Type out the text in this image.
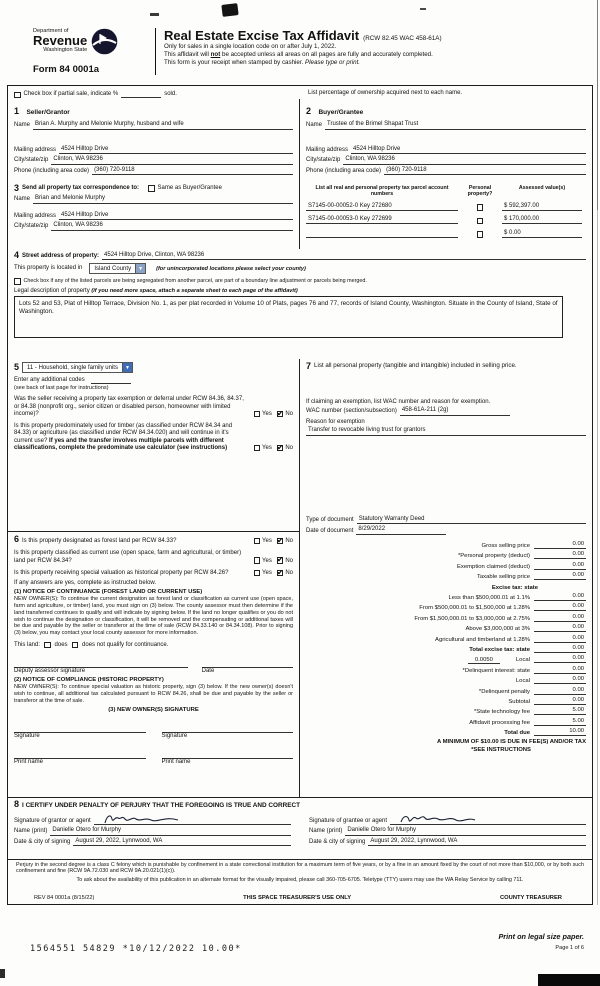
Department of
Revenue
Washington State
Form 84 0001a
Real Estate Excise Tax Affidavit (RCW 82.45 WAC 458-61A)
Only for sales in a single location code on or after July 1, 2022.
This affidavit will not be accepted unless all areas on all pages are fully and accurately completed.
This form is your receipt when stamped by cashier. Please type or print.
Check box if partial sale, indicate %	sold.	List percentage of ownership acquired next to each name.
1 Seller/Grantor
Name Brian A. Murphy and Melonie Murphy, husband and wife
Mailing address 4524 Hilltop Drive
City/state/zip Clinton, WA 98236
Phone (including area code) (360) 720-9118
2 Buyer/Grantee
Name Trustee of the Brimel Shapat Trust
Mailing address 4524 Hilltop Drive
City/state/zip Clinton, WA 98236
Phone (including area code) (360) 720-9118
3 Send all property tax correspondence to:	Same as Buyer/Grantee
Name Brian and Melonie Murphy
Mailing address 4524 Hilltop Drive
City/state/zip Clinton, WA 98236
List all real and personal property tax parcel account numbers
Personal property?
Assessed value(s)
S7145-00-00052-0 Key 272680	$ 592,397.00
S7145-00-00053-0 Key 272699	$ 170,000.00
$ 0.00
4 Street address of property: 4524 Hilltop Drive, Clinton, WA 98236
This property is located in	Island County	▼	(for unincorporated locations please select your county)
Check box if any of the listed parcels are being segregated from another parcel, are part of a boundary line adjustment or parcels being merged.
Legal description of property (if you need more space, attach a separate sheet to each page of the affidavit)
Lots 52 and 53, Plat of Hilltop Terrace, Division No. 1, as per plat recorded in Volume 10 of Plats, pages 76 and 77, records of Island County, Washington. Situate in the County of Island, State of Washington.
5	11 - Household, single family units	▼
Enter any additional codes
(see back of last page for instructions)
Was the seller receiving a property tax exemption or deferral under RCW 84.36, 84.37, or 84.38 (nonprofit org., senior citizen or disabled person, homeowner with limited income)?	Yes ✔ No
Is this property predominately used for timber (as classified under RCW 84.34 and 84.33) or agriculture (as classified under RCW 84.34.020) and will continue in it's current use? If yes and the transfer involves multiple parcels with different classifications, complete the predominate use calculator (see instructions)	Yes ✔ No
6 Is this property designated as forest land per RCW 84.33?	Yes ✔ No
Is this property classified as current use (open space, farm and agricultural, or timber) land per RCW 84.34?	Yes ✔ No
Is this property receiving special valuation as historical property per RCW 84.26?	Yes ✔ No
If any answers are yes, complete as instructed below.
(1) NOTICE OF CONTINUANCE (FOREST LAND OR CURRENT USE)
NEW OWNER(S): To continue the current designation as forest land or classification as current use (open space, farm and agriculture, or timber) land, you must sign on (3) below. The county assessor must then determine if the land transferred continues to qualify and will indicate by signing below. If the land no longer qualifies or you do not wish to continue the designation or classification, it will be removed and the compensating or additional taxes will be due and payable by the seller or transferor at the time of sale (RCW 84.33.140 or 84.34.108). Prior to signing (3) below, you may contact your local county assessor for more information.
This land: does does not qualify for continuance.
Deputy assessor signature	Date
(2) NOTICE OF COMPLIANCE (HISTORIC PROPERTY)
NEW OWNER(S): To continue special valuation as historic property, sign (3) below. If the new owner(s) doesn't wish to continue, all additional tax calculated pursuant to RCW 84.26, shall be due and payable by the seller or transferor at the time of sale.
(3) NEW OWNER(S) SIGNATURE
Signature	Signature
Print name	Print name
7 List all personal property (tangible and intangible) included in selling price.
If claiming an exemption, list WAC number and reason for exemption.
WAC number (section/subsection) 458-61A-211 (2g)
Reason for exemption
Transfer to revocable living trust for grantors
Type of document Statutory Warranty Deed
Date of document 8/29/2022
Gross selling price	0.00
*Personal property (deduct)	0.00
Exemption claimed (deduct)	0.00
Taxable selling price	0.00
Excise tax: state
Less than $500,000.01 at 1.1%	0.00
From $500,000.01 to $1,500,000 at 1.28%	0.00
From $1,500,000.01 to $3,000,000 at 2.75%	0.00
Above $3,000,000 at 3%	0.00
Agricultural and timberland at 1.28%	0.00
Total excise tax: state	0.00
0.0050	Local	0.00
*Delinquent interest: state	0.00
Local	0.00
*Delinquent penalty	0.00
Subtotal	0.00
*State technology fee	5.00
Affidavit processing fee	5.00
Total due	10.00
A MINIMUM OF $10.00 IS DUE IN FEE(S) AND/OR TAX
*SEE INSTRUCTIONS
8 I CERTIFY UNDER PENALTY OF PERJURY THAT THE FOREGOING IS TRUE AND CORRECT
Signature of grantor or agent
Name (print) Danielle Otero for Murphy
Date & city of signing August 29, 2022, Lynnwood, WA
Signature of grantee or agent
Name (print) Danielle Otero for Murphy
Date & city of signing August 29, 2022, Lynnwood, WA
Perjury in the second degree is a class C felony which is punishable by confinement in a state correctional institution for a maximum term of five years, or by a fine in an amount fixed by the court of not more than $10,000, or by both such confinement and fine (RCW 9A.72.030 and RCW 9A.20.021(1)(c)).
To ask about the availability of this publication in an alternate format for the visually impaired, please call 360-705-6705. Teletype (TTY) users may use the WA Relay Service by calling 711.
REV 84 0001a (8/15/22)	THIS SPACE TREASURER'S USE ONLY	COUNTY TREASURER
1564551 54829 *10/12/2022 10.00*
Print on legal size paper.
Page 1 of 6
